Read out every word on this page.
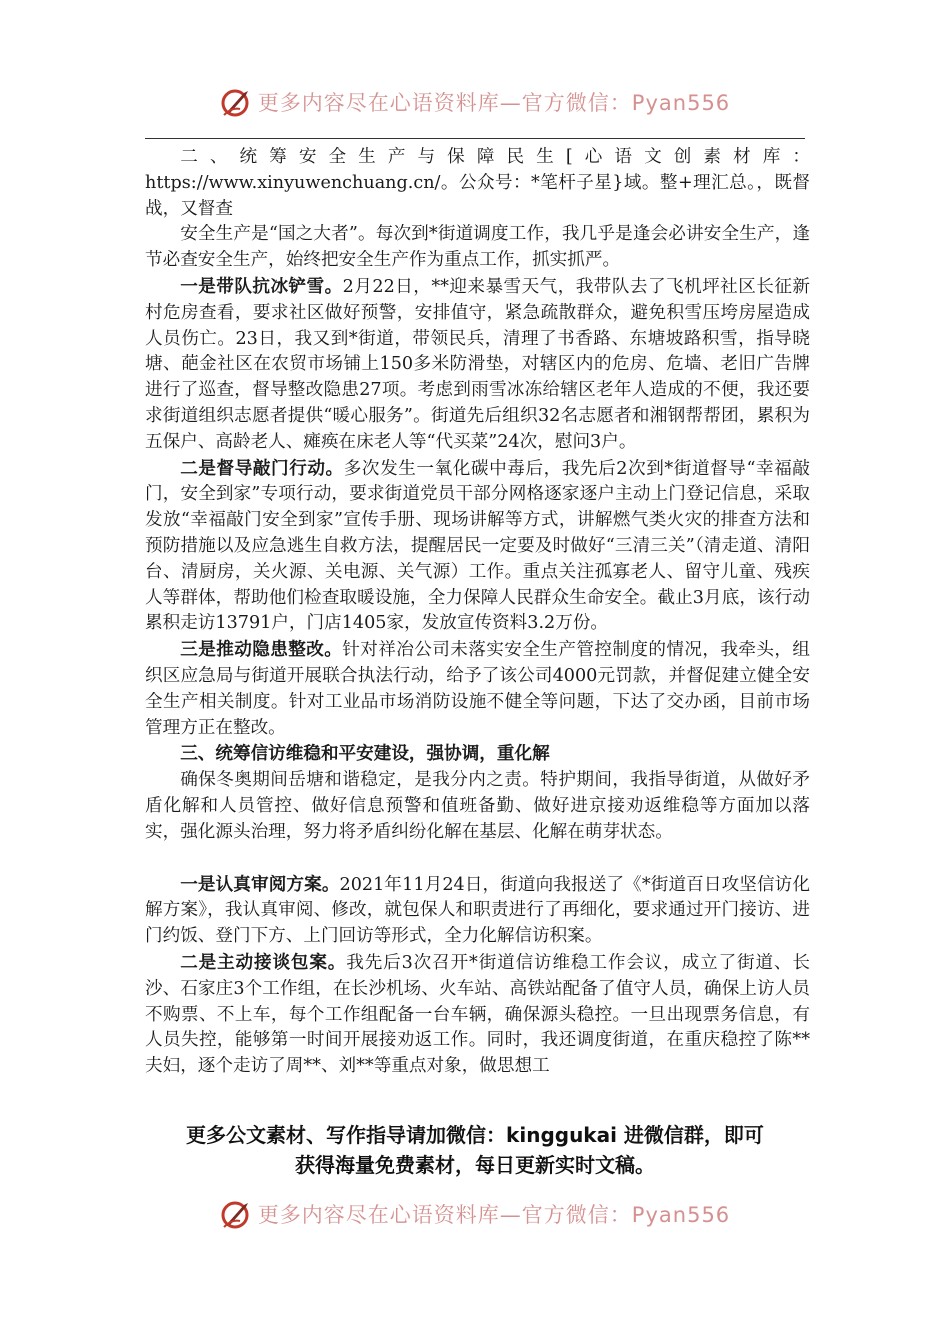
更多内容尽在心语资料库—官方微信：Pyan556

二、统筹安全生产与保障民生[心语文创素材库：https://www.xinyuwenchuang.cn/。公众号：*笔杆子星}域。整+理汇总。，既督战，又督查

安全生产是“国之大者”。每次到*街道调度工作，我几乎是逢会必讲安全生产，逢节必查安全生产，始终把安全生产作为重点工作，抓实抓严。

一是带队抗冰铲雪。2月22日，**迎来暴雪天气，我带队去了飞机坪社区长征新村危房查看，要求社区做好预警，安排值守，紧急疏散群众，避免积雪压垮房屋造成人员伤亡。23日，我又到*街道，带领民兵，清理了书香路、东塘坡路积雪，指导晓塘、葩金社区在农贸市场铺上150多米防滑垫，对辖区内的危房、危墙、老旧广告牌进行了巡查，督导整改隐患27项。考虑到雨雪冰冻给辖区老年人造成的不便，我还要求街道组织志愿者提供“暖心服务”。街道先后组织32名志愿者和湘钢帮帮团，累积为五保户、高龄老人、瘫痪在床老人等“代买菜”24次，慰问3户。

二是督导敲门行动。多次发生一氧化碳中毒后，我先后2次到*街道督导“幸福敲门，安全到家”专项行动，要求街道党员干部分网格逐家逐户主动上门登记信息，采取发放“幸福敲门安全到家”宣传手册、现场讲解等方式，讲解燃气类火灾的排查方法和预防措施以及应急逃生自救方法，提醒居民一定要及时做好“三清三关”（清走道、清阳台、清厨房，关火源、关电源、关气源）工作。重点关注孤寡老人、留守儿童、残疾人等群体，帮助他们检查取暖设施，全力保障人民群众生命安全。截止3月底，该行动累积走访13791户，门店1405家，发放宣传资料3.2万份。

三是推动隐患整改。针对祥冶公司未落实安全生产管控制度的情况，我牵头，组织区应急局与街道开展联合执法行动，给予了该公司4000元罚款，并督促建立健全安全生产相关制度。针对工业品市场消防设施不健全等问题，下达了交办函，目前市场管理方正在整改。

三、统筹信访维稳和平安建设，强协调，重化解

确保冬奥期间岳塘和谐稳定，是我分内之责。特护期间，我指导街道，从做好矛盾化解和人员管控、做好信息预警和值班备勤、做好进京接劝返维稳等方面加以落实，强化源头治理，努力将矛盾纠纷化解在基层、化解在萌芽状态。

一是认真审阅方案。2021年11月24日，街道向我报送了《*街道百日攻坚信访化解方案》，我认真审阅、修改，就包保人和职责进行了再细化，要求通过开门接访、进门约饭、登门下方、上门回访等形式，全力化解信访积案。

二是主动接谈包案。我先后3次召开*街道信访维稳工作会议，成立了街道、长沙、石家庄3个工作组，在长沙机场、火车站、高铁站配备了值守人员，确保上访人员不购票、不上车，每个工作组配备一台车辆，确保源头稳控。一旦出现票务信息，有人员失控，能够第一时间开展接劝返工作。同时，我还调度街道，在重庆稳控了陈**夫妇，逐个走访了周**、刘**等重点对象，做思想工

更多公文素材、写作指导请加微信：kinggukai 进微信群，即可
获得海量免费素材，每日更新实时文稿。
更多内容尽在心语资料库—官方微信：Pyan556
